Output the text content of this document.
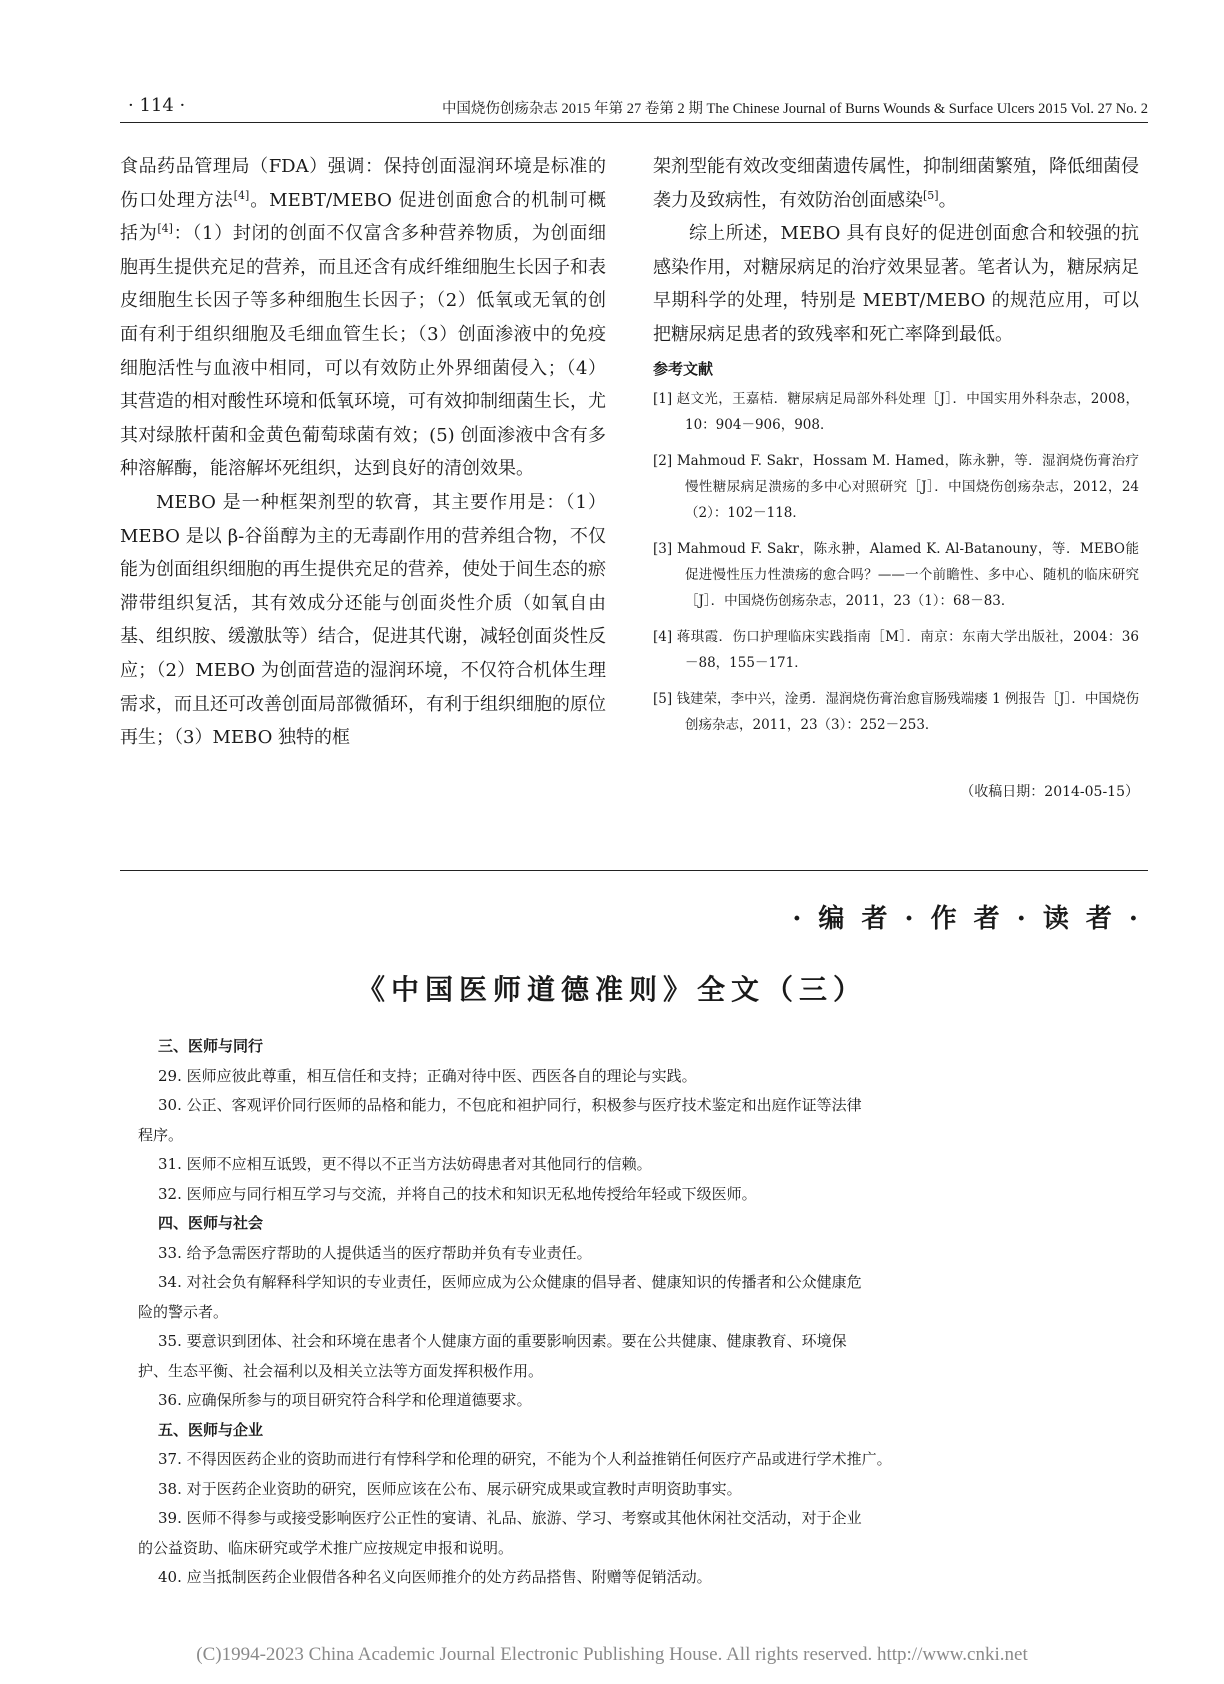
· 114 ·	中国烧伤创疡杂志 2015 年第 27 卷第 2 期 The Chinese Journal of Burns Wounds & Surface Ulcers 2015 Vol. 27 No. 2

食品药品管理局（FDA）强调：保持创面湿润环境是标准的伤口处理方法[4]。MEBT/MEBO 促进创面愈合的机制可概括为[4]：（1）封闭的创面不仅富含多种营养物质，为创面细胞再生提供充足的营养，而且还含有成纤维细胞生长因子和表皮细胞生长因子等多种细胞生长因子；（2）低氧或无氧的创面有利于组织细胞及毛细血管生长；（3）创面渗液中的免疫细胞活性与血液中相同，可以有效防止外界细菌侵入；（4）其营造的相对酸性环境和低氧环境，可有效抑制细菌生长，尤其对绿脓杆菌和金黄色葡萄球菌有效；(5) 创面渗液中含有多种溶解酶，能溶解坏死组织，达到良好的清创效果。

MEBO 是一种框架剂型的软膏，其主要作用是：（1）MEBO 是以 β-谷甾醇为主的无毒副作用的营养组合物，不仅能为创面组织细胞的再生提供充足的营养，使处于间生态的瘀滞带组织复活，其有效成分还能与创面炎性介质（如氧自由基、组织胺、缓激肽等）结合，促进其代谢，减轻创面炎性反应；（2）MEBO 为创面营造的湿润环境，不仅符合机体生理需求，而且还可改善创面局部微循环，有利于组织细胞的原位再生；（3）MEBO 独特的框

架剂型能有效改变细菌遗传属性，抑制细菌繁殖，降低细菌侵袭力及致病性，有效防治创面感染[5]。

综上所述，MEBO 具有良好的促进创面愈合和较强的抗感染作用，对糖尿病足的治疗效果显著。笔者认为，糖尿病足早期科学的处理，特别是 MEBT/MEBO 的规范应用，可以把糖尿病足患者的致残率和死亡率降到最低。

参考文献
[1] 赵文光，王嘉桔．糖尿病足局部外科处理［J］．中国实用外科杂志，2008，10：904－906，908．
[2] Mahmoud F. Sakr，Hossam M. Hamed，陈永翀，等．湿润烧伤膏治疗慢性糖尿病足溃疡的多中心对照研究［J］．中国烧伤创疡杂志，2012，24（2）：102－118．
[3] Mahmoud F. Sakr，陈永翀，Alamed K. Al-Batanouny，等．MEBO能促进慢性压力性溃疡的愈合吗？——一个前瞻性、多中心、随机的临床研究［J］．中国烧伤创疡杂志，2011，23（1）：68－83．
[4] 蒋琪霞．伤口护理临床实践指南［M］．南京：东南大学出版社，2004：36－88，155－171．
[5] 钱建荣，李中兴，淦勇．湿润烧伤膏治愈盲肠残端瘘 1 例报告［J］．中国烧伤创疡杂志，2011，23（3）：252－253．
（收稿日期：2014-05-15）
· 编 者 · 作 者 · 读 者 ·
《中国医师道德准则》全文（三）
三、医师与同行

29. 医师应彼此尊重，相互信任和支持；正确对待中医、西医各自的理论与实践。

30. 公正、客观评价同行医师的品格和能力，不包庇和袒护同行，积极参与医疗技术鉴定和出庭作证等法律
程序。

31. 医师不应相互诋毁，更不得以不正当方法妨碍患者对其他同行的信赖。

32. 医师应与同行相互学习与交流，并将自己的技术和知识无私地传授给年轻或下级医师。

四、医师与社会

33. 给予急需医疗帮助的人提供适当的医疗帮助并负有专业责任。

34. 对社会负有解释科学知识的专业责任，医师应成为公众健康的倡导者、健康知识的传播者和公众健康危
险的警示者。

35. 要意识到团体、社会和环境在患者个人健康方面的重要影响因素。要在公共健康、健康教育、环境保
护、生态平衡、社会福利以及相关立法等方面发挥积极作用。

36. 应确保所参与的项目研究符合科学和伦理道德要求。

五、医师与企业

37. 不得因医药企业的资助而进行有悖科学和伦理的研究，不能为个人利益推销任何医疗产品或进行学术推广。

38. 对于医药企业资助的研究，医师应该在公布、展示研究成果或宣教时声明资助事实。

39. 医师不得参与或接受影响医疗公正性的宴请、礼品、旅游、学习、考察或其他休闲社交活动，对于企业
的公益资助、临床研究或学术推广应按规定申报和说明。

40. 应当抵制医药企业假借各种名义向医师推介的处方药品搭售、附赠等促销活动。

(C)1994-2023 China Academic Journal Electronic Publishing House. All rights reserved. http://www.cnki.net
